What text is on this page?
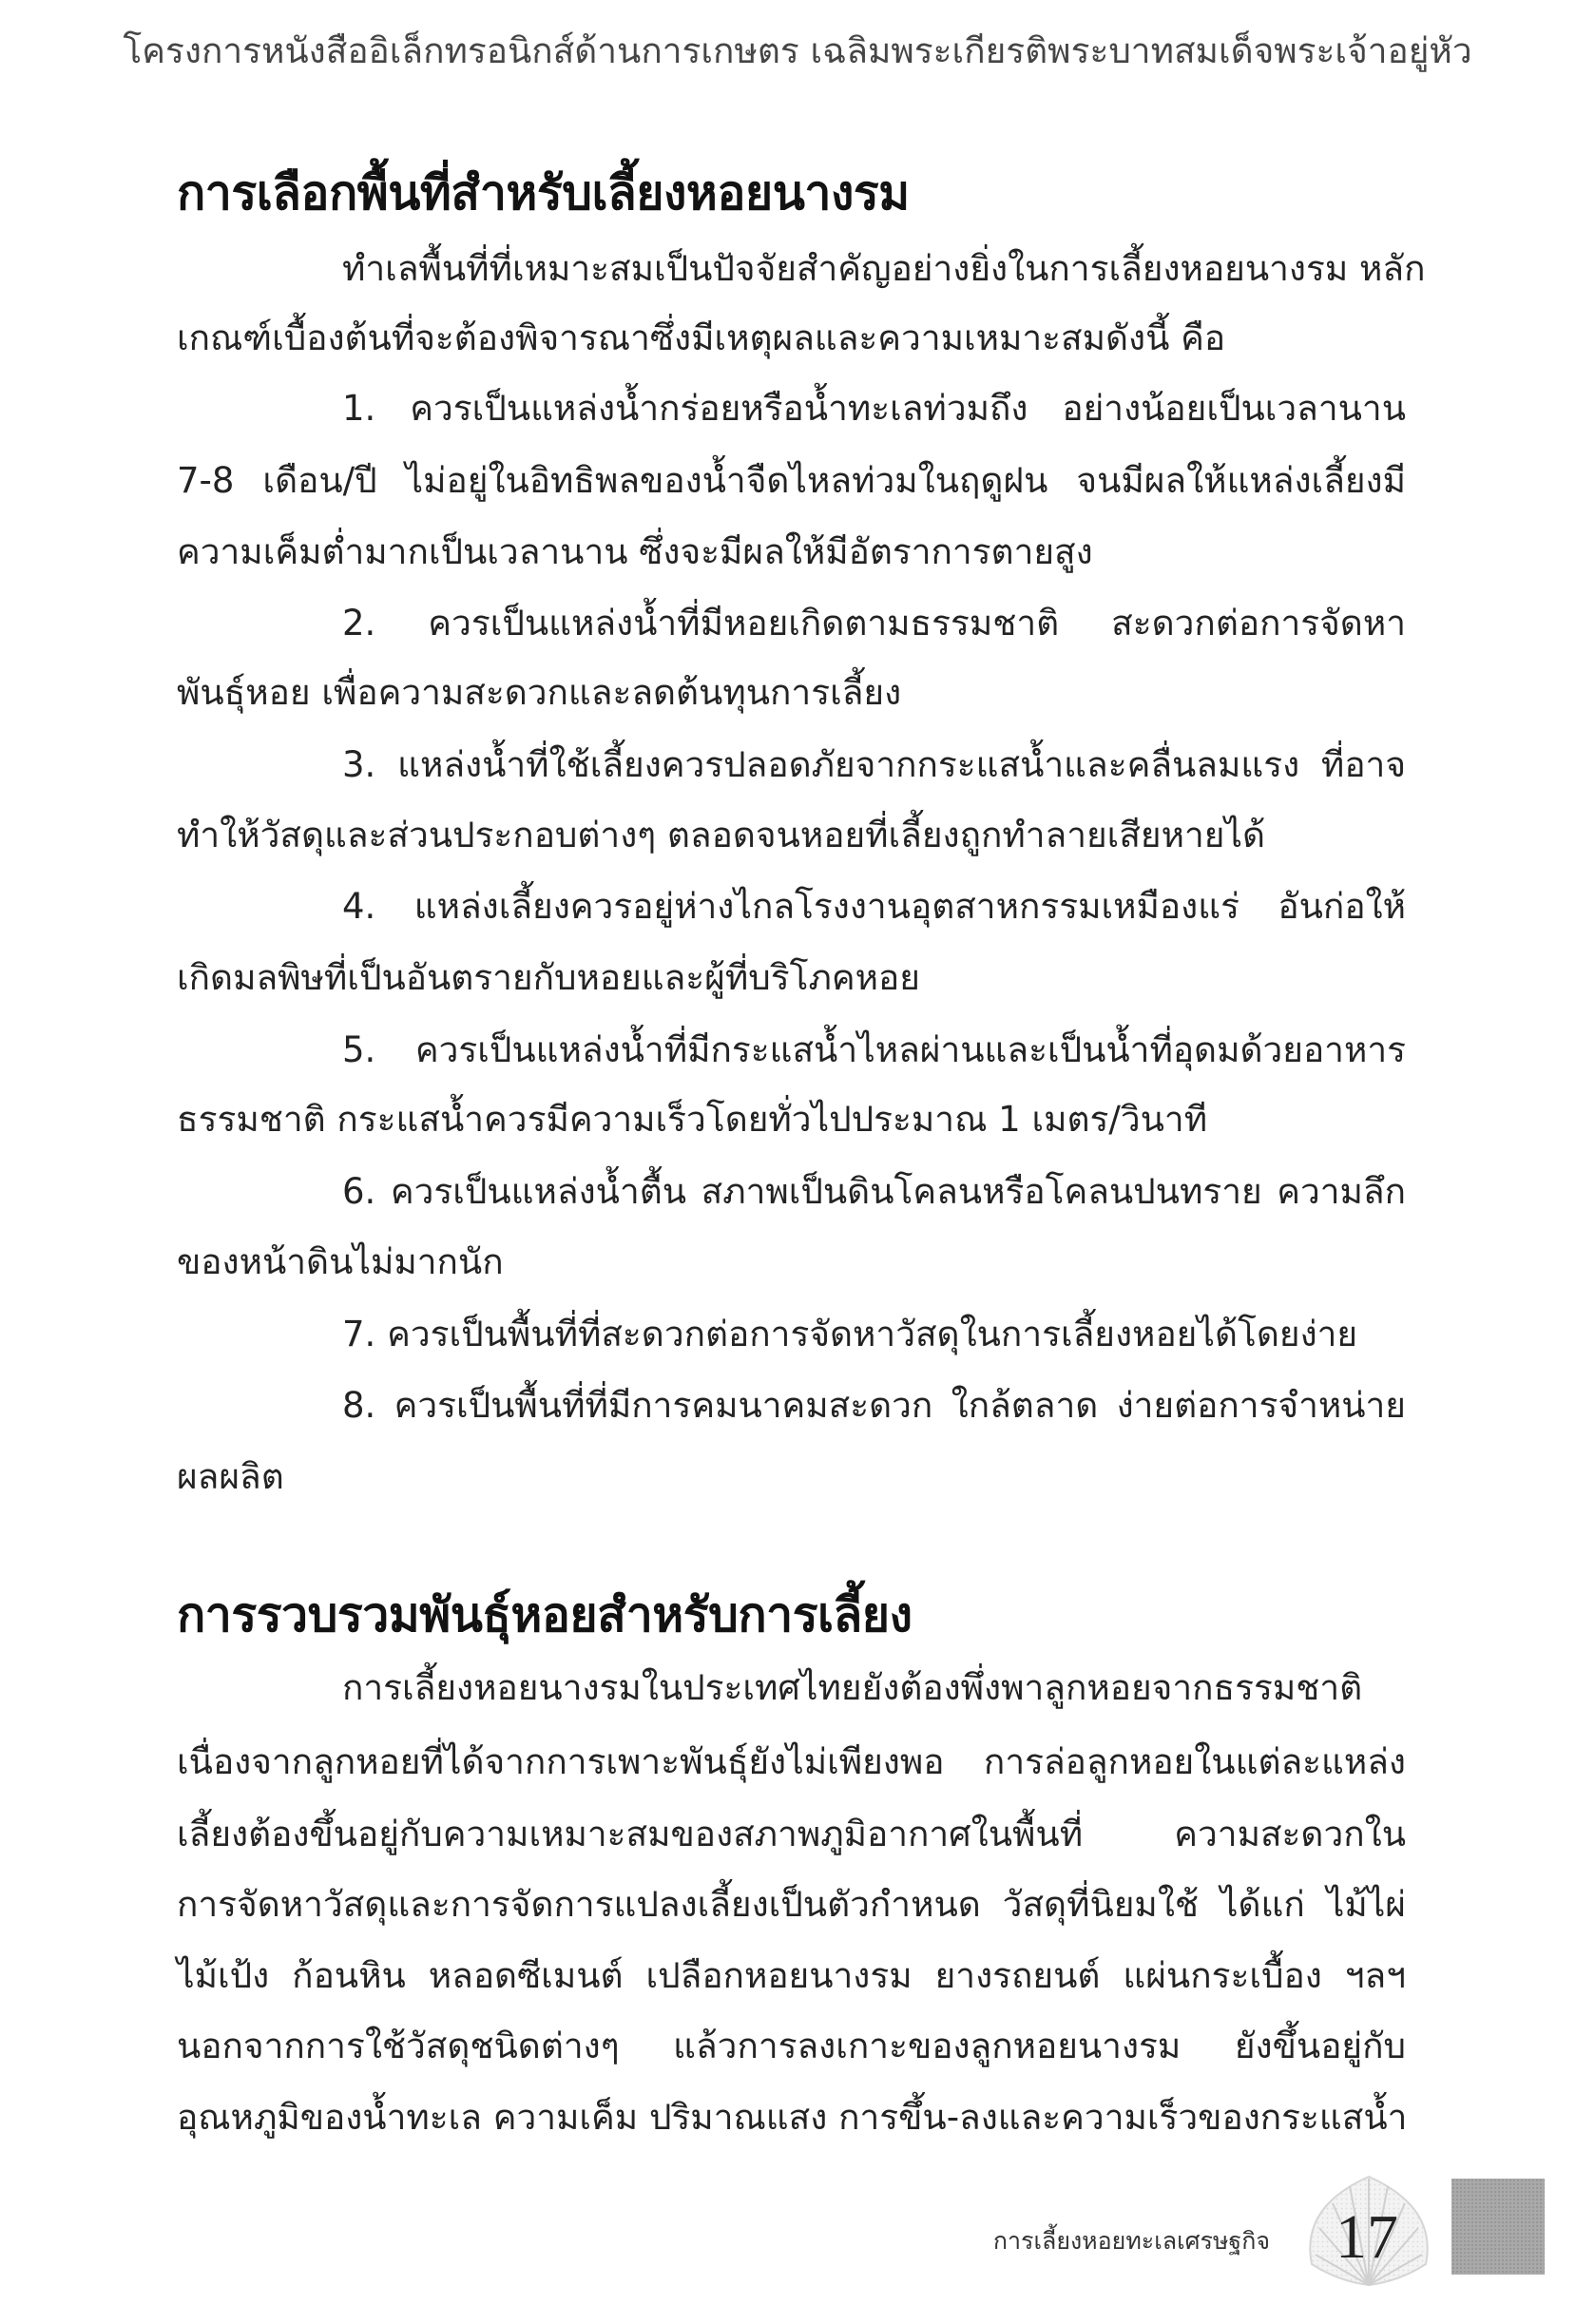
โครงการหนังสืออิเล็กทรอนิกส์ด้านการเกษตร เฉลิมพระเกียรติพระบาทสมเด็จพระเจ้าอยู่หัว
การเลือกพื้นที่สำหรับเลี้ยงหอยนางรม
ทำเลพื้นที่ที่เหมาะสมเป็นปัจจัยสำคัญอย่างยิ่งในการเลี้ยงหอยนางรม หลัก
เกณฑ์เบื้องต้นที่จะต้องพิจารณาซึ่งมีเหตุผลและความเหมาะสมดังนี้ คือ
1. ควรเป็นแหล่งน้ำกร่อยหรือน้ำทะเลท่วมถึง อย่างน้อยเป็นเวลานาน
7-8 เดือน/ปี ไม่อยู่ในอิทธิพลของน้ำจืดไหลท่วมในฤดูฝน จนมีผลให้แหล่งเลี้ยงมี
ความเค็มต่ำมากเป็นเวลานาน ซึ่งจะมีผลให้มีอัตราการตายสูง
2. ควรเป็นแหล่งน้ำที่มีหอยเกิดตามธรรมชาติ สะดวกต่อการจัดหา
พันธุ์หอย เพื่อความสะดวกและลดต้นทุนการเลี้ยง
3. แหล่งน้ำที่ใช้เลี้ยงควรปลอดภัยจากกระแสน้ำและคลื่นลมแรง ที่อาจ
ทำให้วัสดุและส่วนประกอบต่างๆ ตลอดจนหอยที่เลี้ยงถูกทำลายเสียหายได้
4. แหล่งเลี้ยงควรอยู่ห่างไกลโรงงานอุตสาหกรรมเหมืองแร่ อันก่อให้
เกิดมลพิษที่เป็นอันตรายกับหอยและผู้ที่บริโภคหอย
5. ควรเป็นแหล่งน้ำที่มีกระแสน้ำไหลผ่านและเป็นน้ำที่อุดมด้วยอาหาร
ธรรมชาติ กระแสน้ำควรมีความเร็วโดยทั่วไปประมาณ 1 เมตร/วินาที
6. ควรเป็นแหล่งน้ำตื้น สภาพเป็นดินโคลนหรือโคลนปนทราย ความลึก
ของหน้าดินไม่มากนัก
7. ควรเป็นพื้นที่ที่สะดวกต่อการจัดหาวัสดุในการเลี้ยงหอยได้โดยง่าย
8. ควรเป็นพื้นที่ที่มีการคมนาคมสะดวก ใกล้ตลาด ง่ายต่อการจำหน่าย
ผลผลิต
การรวบรวมพันธุ์หอยสำหรับการเลี้ยง
การเลี้ยงหอยนางรมในประเทศไทยยังต้องพึ่งพาลูกหอยจากธรรมชาติ
เนื่องจากลูกหอยที่ได้จากการเพาะพันธุ์ยังไม่เพียงพอ การล่อลูกหอยในแต่ละแหล่ง
เลี้ยงต้องขึ้นอยู่กับความเหมาะสมของสภาพภูมิอากาศในพื้นที่ ความสะดวกใน
การจัดหาวัสดุและการจัดการแปลงเลี้ยงเป็นตัวกำหนด วัสดุที่นิยมใช้ ได้แก่ ไม้ไผ่
ไม้เป้ง ก้อนหิน หลอดซีเมนต์ เปลือกหอยนางรม ยางรถยนต์ แผ่นกระเบื้อง ฯลฯ
นอกจากการใช้วัสดุชนิดต่างๆ แล้วการลงเกาะของลูกหอยนางรม ยังขึ้นอยู่กับ
อุณหภูมิของน้ำทะเล ความเค็ม ปริมาณแสง การขึ้น-ลงและความเร็วของกระแสน้ำ
การเลี้ยงหอยทะเลเศรษฐกิจ 17
